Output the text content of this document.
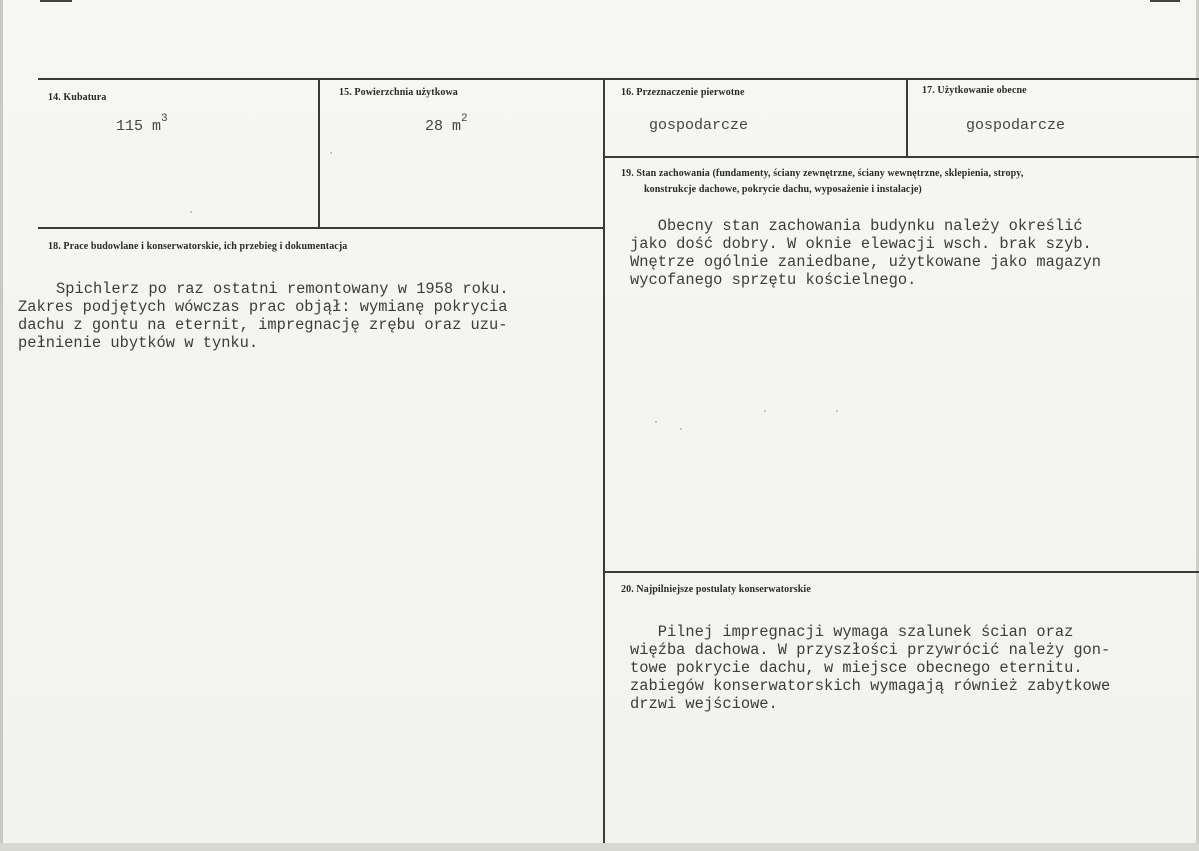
14. Kubatura
115 $m^3$
15. Powierzchnia użytkowa
28 $m^2$
16. Przeznaczenie pierwotne
gospodarcze
17. Użytkowanie obecne
gospodarcze
18. Prace budowlane i konserwatorskie, ich przebieg i dokumentacja
Spichlerz po raz ostatni remontowany w 1958 roku.
Zakres podjętych wówczas prac objął: wymianę pokrycia
dachu z gontu na eternit, impregnację zrębu oraz uzu-
pełnienie ubytków w tynku.
19. Stan zachowania (fundamenty, ściany zewnętrzne, ściany wewnętrzne, sklepienia, stropy,
konstrukcje dachowe, pokrycie dachu, wyposażenie i instalacje)
Obecny stan zachowania budynku należy określić
jako dość dobry. W oknie elewacji wsch. brak szyb.
Wnętrze ogólnie zaniedbane, użytkowane jako magazyn
wycofanego sprzętu kościelnego.
20. Najpilniejsze postulaty konserwatorskie
Pilnej impregnacji wymaga szalunek ścian oraz
więźba dachowa. W przyszłości przywrócić należy gon-
towe pokrycie dachu, w miejsce obecnego eternitu.
zabiegów konserwatorskich wymagają również zabytkowe
drzwi wejściowe.
